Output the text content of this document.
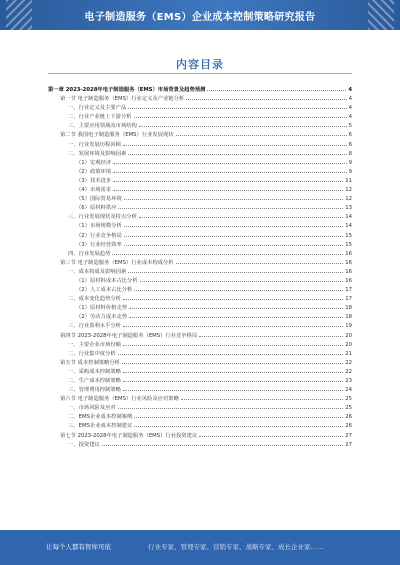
电子制造服务（EMS）企业成本控制策略研究报告
内容目录
第一章 2023-2028年电子制造服务（EMS）市场背景及趋势预测	4
第一节 电子制造服务（EMS）行业定义及产业链分析	4
一、行业定义及主要产品	4
二、行业产业链上下游分析	4
三、主要应用领域及市场结构	5
第二节 我国电子制造服务（EMS）行业发展现状	6
一、行业发展历程回顾	6
二、发展环境及影响因素	8
（1）宏观经济	9
（2）政策环境	9
（3）技术进步	11
（4）市场需求	12
（5）国际贸易环境	12
（6）原材料供应	13
三、行业发展现状及特点分析	14
（1）市场规模分析	14
（2）行业竞争格局	15
（3）行业经营效率	15
四、行业发展趋势	16
第三节 电子制造服务（EMS）行业成本构成分析	16
一、成本构成及影响因素	16
（1）原材料成本占比分析	16
（2）人工成本占比分析	17
二、成本变化趋势分析	17
（1）原材料价格走势	18
（2）劳动力成本走势	18
三、行业盈利水平分析	19
第四节 2023-2028年电子制造服务（EMS）行业竞争格局	20
一、主要企业市场份额	20
二、行业集中度分析	21
第五节 成本控制策略分析	22
一、采购成本控制策略	22
二、生产成本控制策略	23
三、管理费用控制策略	24
第六节 电子制造服务（EMS）行业风险及应对策略	25
一、市场风险及应对	25
二、EMS企业成本控制案例	26
三、EMS企业成本控制建议	26
第七节 2023-2028年电子制造服务（EMS）行业投资建议	27
一、投资建议	27
让每个人都有智库可依	行业专家、管理专家、营销专家、战略专家、成长企业家……
